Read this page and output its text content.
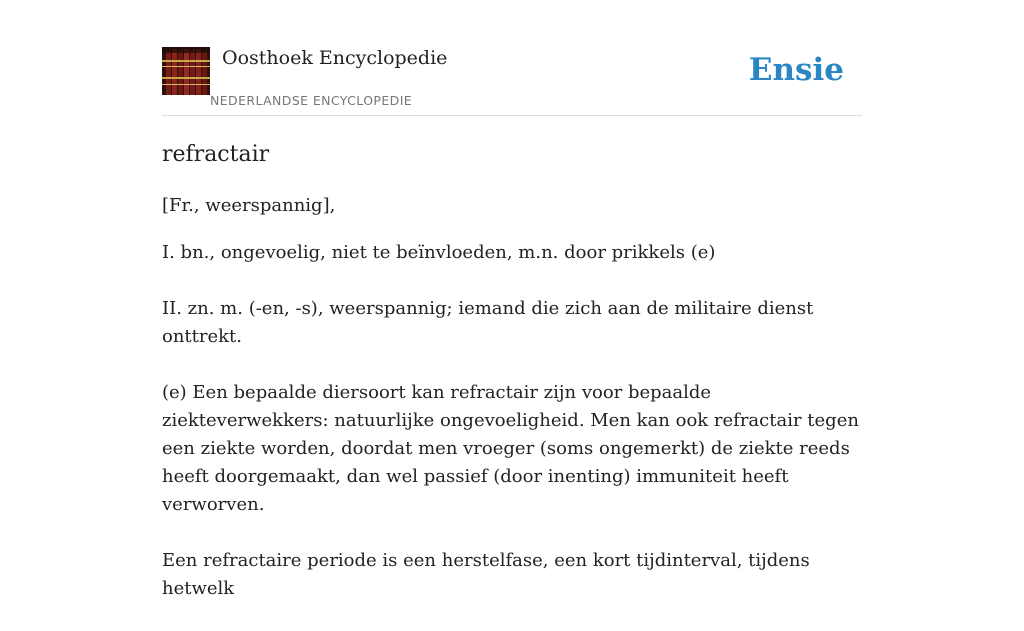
Oosthoek Encyclopedie
NEDERLANDSE ENCYCLOPEDIE
Ensie
refractair

[Fr., weerspannig],

I. bn., ongevoelig, niet te beïnvloeden, m.n. door prikkels (e)

II. zn. m. (-en, -s), weerspannig; iemand die zich aan de militaire dienst onttrekt.

(e) Een bepaalde diersoort kan refractair zijn voor bepaalde ziekteverwekkers: natuurlijke ongevoeligheid. Men kan ook refractair tegen een ziekte worden, doordat men vroeger (soms ongemerkt) de ziekte reeds heeft doorgemaakt, dan wel passief (door inenting) immuniteit heeft verworven.

Een refractaire periode is een herstelfase, een kort tijdinterval, tijdens hetwelk
